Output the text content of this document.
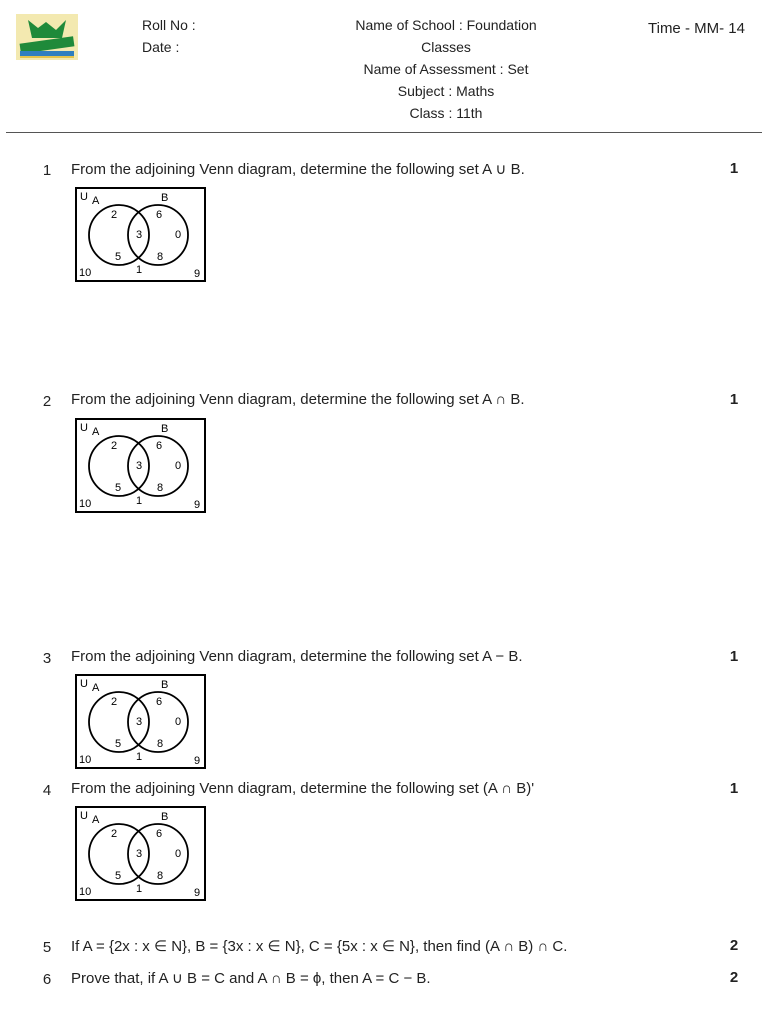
Roll No :
Date :
Name of School : Foundation
Classes
Name of Assessment : Set
Subject : Maths
Class : 11th
Time - MM- 14
1	From the adjoining Venn diagram, determine the following set A ∪ B.	1
U A	B
2
5
3
6
0
8
10	1	9
2	From the adjoining Venn diagram, determine the following set A ∩ B.	1
U A	B
2
5
3
6
0
8
10	1	9
3	From the adjoining Venn diagram, determine the following set A − B.	1
U A	B
2
5
3
6
0
8
10	1	9
4	From the adjoining Venn diagram, determine the following set (A ∩ B)'	1
U A	B
2
5
3
6
0
8
10	1	9
5	If A = {2x : x ∈ N}, B = {3x : x ∈ N}, C = {5x : x ∈ N}, then find (A ∩ B) ∩ C.	2
6	Prove that, if A ∪ B = C and A ∩ B = ϕ, then A = C − B.	2
